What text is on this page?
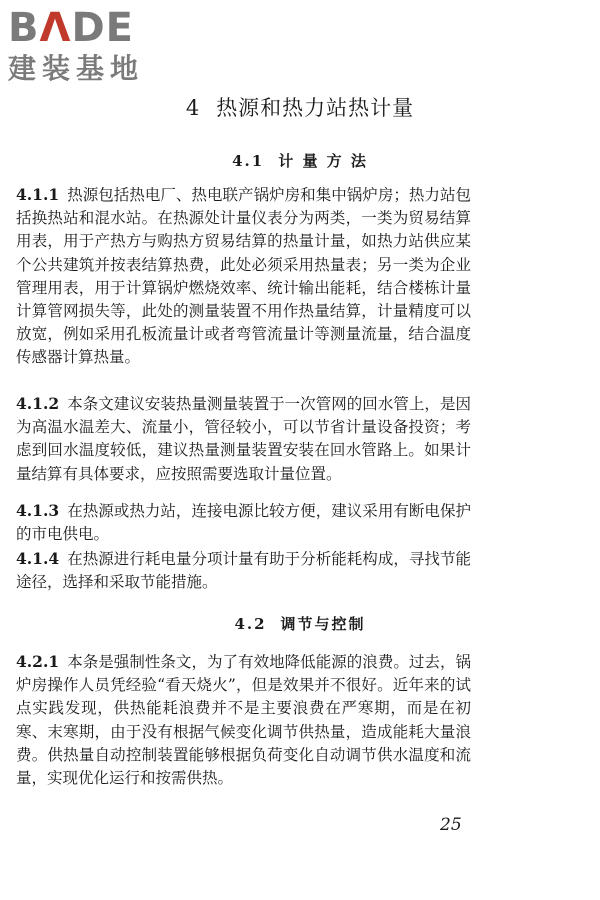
BΛDE
建装基地
4 热源和热力站热计量
4.1 计 量 方 法
4.1.1 热源包括热电厂、热电联产锅炉房和集中锅炉房；热力站包括换热站和混水站。在热源处计量仪表分为两类，一类为贸易结算用表，用于产热方与购热方贸易结算的热量计量，如热力站供应某个公共建筑并按表结算热费，此处必须采用热量表；另一类为企业管理用表，用于计算锅炉燃烧效率、统计输出能耗，结合楼栋计量计算管网损失等，此处的测量装置不用作热量结算，计量精度可以放宽，例如采用孔板流量计或者弯管流量计等测量流量，结合温度传感器计算热量。
4.1.2 本条文建议安装热量测量装置于一次管网的回水管上，是因为高温水温差大、流量小，管径较小，可以节省计量设备投资；考虑到回水温度较低，建议热量测量装置安装在回水管路上。如果计量结算有具体要求，应按照需要选取计量位置。
4.1.3 在热源或热力站，连接电源比较方便，建议采用有断电保护的市电供电。
4.1.4 在热源进行耗电量分项计量有助于分析能耗构成，寻找节能途径，选择和采取节能措施。
4.2 调节与控制
4.2.1 本条是强制性条文，为了有效地降低能源的浪费。过去，锅炉房操作人员凭经验“看天烧火”，但是效果并不很好。近年来的试点实践发现，供热能耗浪费并不是主要浪费在严寒期，而是在初寒、末寒期，由于没有根据气候变化调节供热量，造成能耗大量浪费。供热量自动控制装置能够根据负荷变化自动调节供水温度和流量，实现优化运行和按需供热。
25
